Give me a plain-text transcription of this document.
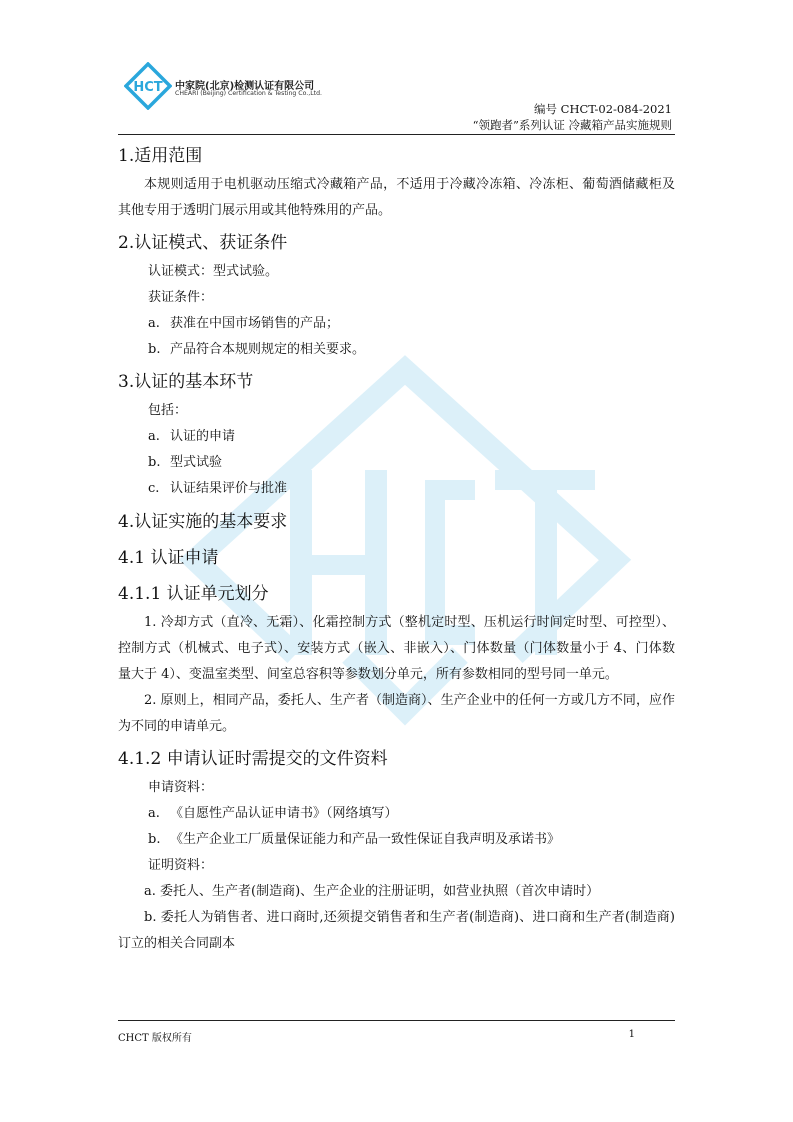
HCT 中家院(北京)检测认证有限公司
CHEARI (Beijing) Certification & Testing Co.,Ltd.
编号 CHCT-02-084-2021
“领跑者”系列认证 冷藏箱产品实施规则
1.适用范围

本规则适用于电机驱动压缩式冷藏箱产品，不适用于冷藏冷冻箱、冷冻柜、葡萄酒储藏柜及其他专用于透明门展示用或其他特殊用的产品。

2.认证模式、获证条件

认证模式：型式试验。

获证条件：

a. 获准在中国市场销售的产品；

b. 产品符合本规则规定的相关要求。

3.认证的基本环节

包括：

a. 认证的申请

b. 型式试验

c. 认证结果评价与批准

4.认证实施的基本要求
4.1 认证申请
4.1.1 认证单元划分

1. 冷却方式（直冷、无霜）、化霜控制方式（整机定时型、压机运行时间定时型、可控型）、控制方式（机械式、电子式）、安装方式（嵌入、非嵌入）、门体数量（门体数量小于 4、门体数量大于 4）、变温室类型、间室总容积等参数划分单元，所有参数相同的型号同一单元。

2. 原则上，相同产品，委托人、生产者（制造商）、生产企业中的任何一方或几方不同，应作为不同的申请单元。

4.1.2 申请认证时需提交的文件资料

申请资料：

a. 《自愿性产品认证申请书》（网络填写）

b. 《生产企业工厂质量保证能力和产品一致性保证自我声明及承诺书》

证明资料：

a. 委托人、生产者(制造商)、生产企业的注册证明，如营业执照（首次申请时）

b. 委托人为销售者、进口商时,还须提交销售者和生产者(制造商)、进口商和生产者(制造商)订立的相关合同副本

CHCT 版权所有	1
